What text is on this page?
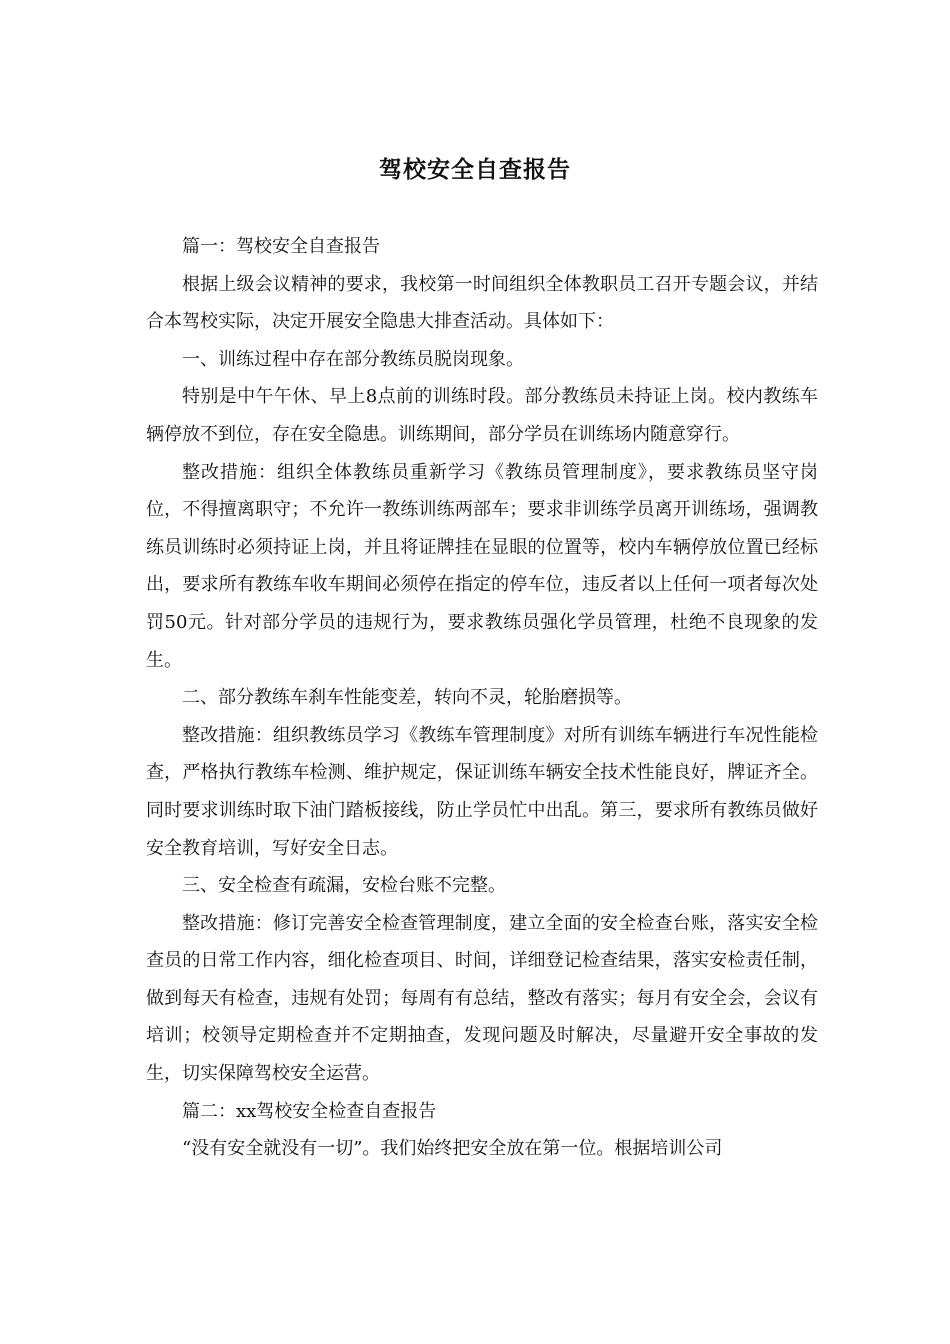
驾校安全自查报告

篇一：驾校安全自查报告

根据上级会议精神的要求，我校第一时间组织全体教职员工召开专题会议，并结合本驾校实际，决定开展安全隐患大排查活动。具体如下：

一、训练过程中存在部分教练员脱岗现象。

特别是中午午休、早上8点前的训练时段。部分教练员未持证上岗。校内教练车辆停放不到位，存在安全隐患。训练期间，部分学员在训练场内随意穿行。

整改措施：组织全体教练员重新学习《教练员管理制度》，要求教练员坚守岗位，不得擅离职守；不允许一教练训练两部车；要求非训练学员离开训练场，强调教练员训练时必须持证上岗，并且将证牌挂在显眼的位置等，校内车辆停放位置已经标出，要求所有教练车收车期间必须停在指定的停车位，违反者以上任何一项者每次处罚50元。针对部分学员的违规行为，要求教练员强化学员管理，杜绝不良现象的发生。

二、部分教练车刹车性能变差，转向不灵，轮胎磨损等。

整改措施：组织教练员学习《教练车管理制度》对所有训练车辆进行车况性能检查，严格执行教练车检测、维护规定，保证训练车辆安全技术性能良好，牌证齐全。同时要求训练时取下油门踏板接线，防止学员忙中出乱。第三，要求所有教练员做好安全教育培训，写好安全日志。

三、安全检查有疏漏，安检台账不完整。

整改措施：修订完善安全检查管理制度，建立全面的安全检查台账，落实安全检查员的日常工作内容，细化检查项目、时间，详细登记检查结果，落实安检责任制，做到每天有检查，违规有处罚；每周有有总结，整改有落实；每月有安全会，会议有培训；校领导定期检查并不定期抽查，发现问题及时解决，尽量避开安全事故的发生，切实保障驾校安全运营。

篇二：xx驾校安全检查自查报告

“没有安全就没有一切”。我们始终把安全放在第一位。根据培训公司
